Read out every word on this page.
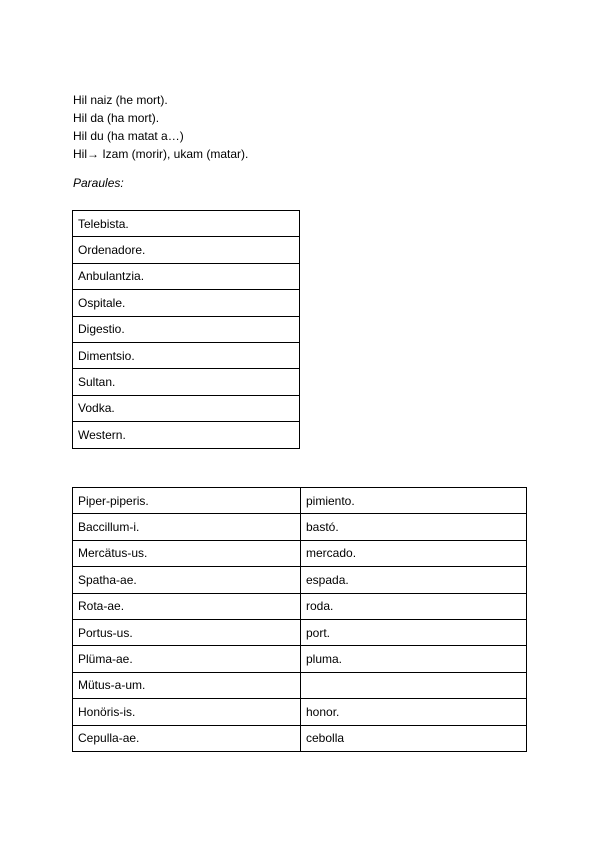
Hil naiz (he mort).
Hil da (ha mort).
Hil du (ha matat a…)
Hil→ Izam (morir), ukam (matar).
Paraules:
Telebista.
Ordenadore.
Anbulantzia.
Ospitale.
Digestio.
Dimentsio.
Sultan.
Vodka.
Western.
Piper-piperis.	pimiento.
Baccillum-i.	bastó.
Mercätus-us.	mercado.
Spatha-ae.	espada.
Rota-ae.	roda.
Portus-us.	port.
Plüma-ae.	pluma.
Mütus-a-um.	
Honöris-is.	honor.
Cepulla-ae.	cebolla
